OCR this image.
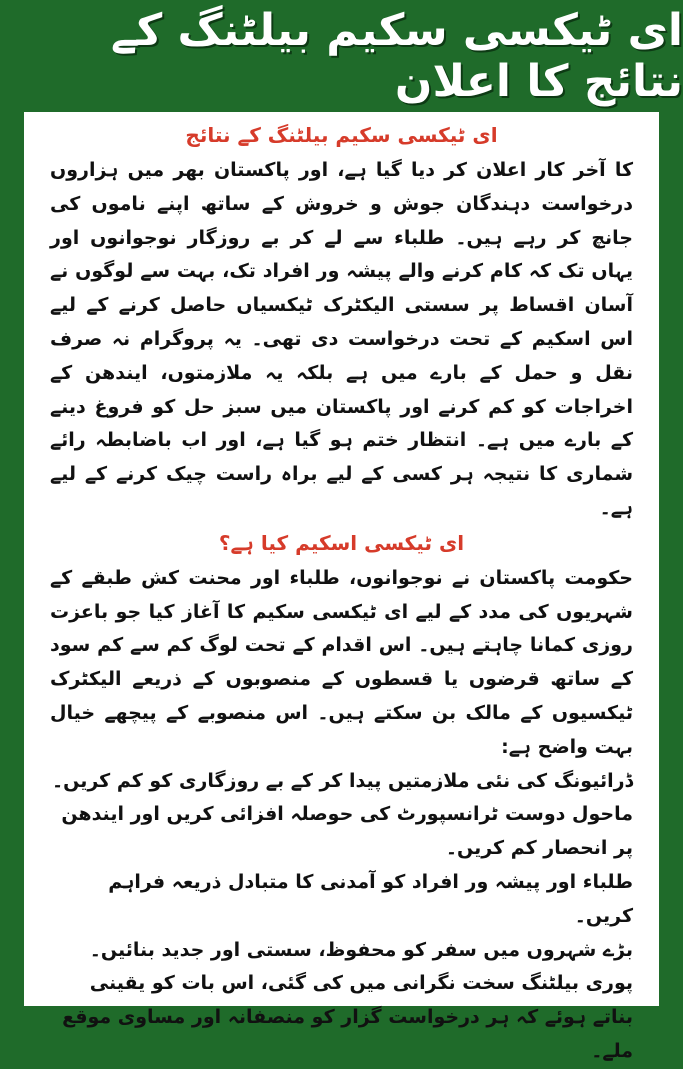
ای ٹیکسی سکیم بیلٹنگ کے نتائج کا اعلان
ای ٹیکسی سکیم بیلٹنگ کے نتائج

کا آخر کار اعلان کر دیا گیا ہے، اور پاکستان بھر میں ہزاروں درخواست دہندگان جوش و خروش کے ساتھ اپنے ناموں کی جانچ کر رہے ہیں۔ طلباء سے لے کر بے روزگار نوجوانوں اور یہاں تک کہ کام کرنے والے پیشہ ور افراد تک، بہت سے لوگوں نے آسان اقساط پر سستی الیکٹرک ٹیکسیاں حاصل کرنے کے لیے اس اسکیم کے تحت درخواست دی تھی۔ یہ پروگرام نہ صرف نقل و حمل کے بارے میں ہے بلکہ یہ ملازمتوں، ایندھن کے اخراجات کو کم کرنے اور پاکستان میں سبز حل کو فروغ دینے کے بارے میں ہے۔ انتظار ختم ہو گیا ہے، اور اب باضابطہ رائے شماری کا نتیجہ ہر کسی کے لیے براہ راست چیک کرنے کے لیے ہے۔

ای ٹیکسی اسکیم کیا ہے؟

حکومت پاکستان نے نوجوانوں، طلباء اور محنت کش طبقے کے شہریوں کی مدد کے لیے ای ٹیکسی سکیم کا آغاز کیا جو باعزت روزی کمانا چاہتے ہیں۔ اس اقدام کے تحت لوگ کم سے کم سود کے ساتھ قرضوں یا قسطوں کے منصوبوں کے ذریعے الیکٹرک ٹیکسیوں کے مالک بن سکتے ہیں۔ اس منصوبے کے پیچھے خیال بہت واضح ہے:

ڈرائیونگ کی نئی ملازمتیں پیدا کر کے بے روزگاری کو کم کریں۔

ماحول دوست ٹرانسپورٹ کی حوصلہ افزائی کریں اور ایندھن پر انحصار کم کریں۔

طلباء اور پیشہ ور افراد کو آمدنی کا متبادل ذریعہ فراہم کریں۔

بڑے شہروں میں سفر کو محفوظ، سستی اور جدید بنائیں۔ پوری بیلٹنگ سخت نگرانی میں کی گئی، اس بات کو یقینی بناتے ہوئے کہ ہر درخواست گزار کو منصفانہ اور مساوی موقع ملے۔
